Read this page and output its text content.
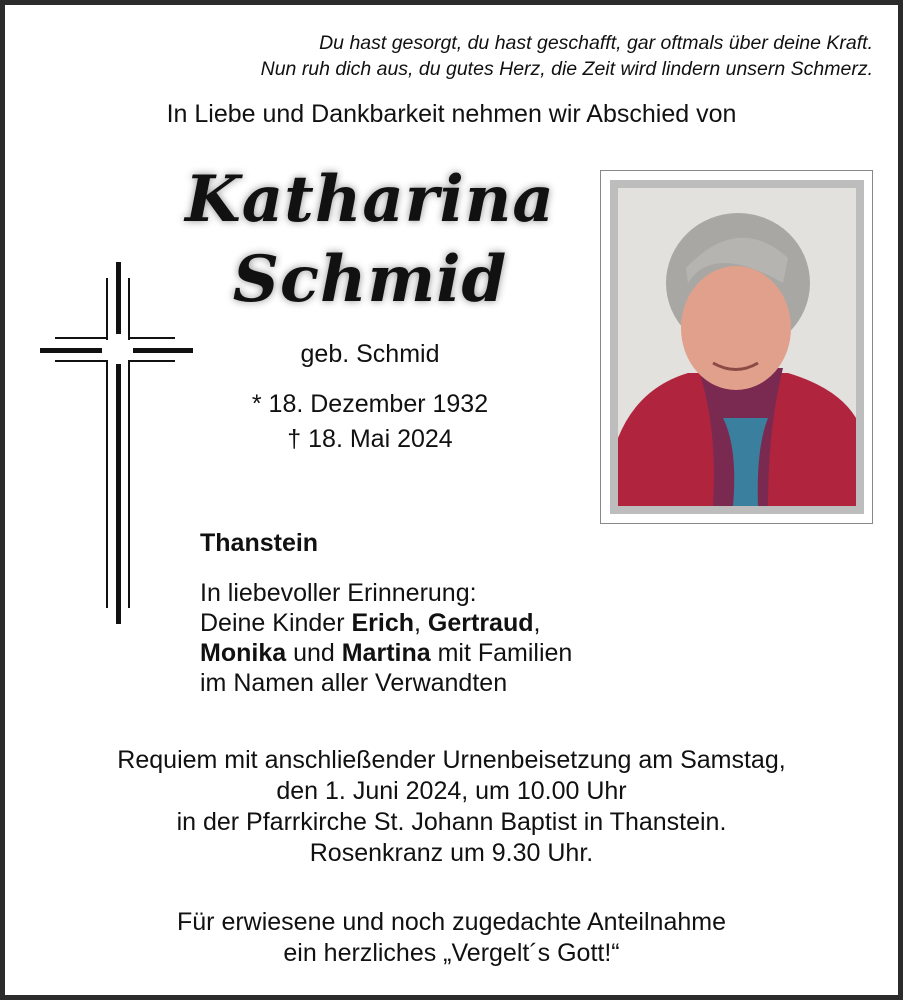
Du hast gesorgt, du hast geschafft, gar oftmals über deine Kraft.
Nun ruh dich aus, du gutes Herz, die Zeit wird lindern unsern Schmerz.
In Liebe und Dankbarkeit nehmen wir Abschied von
Katharina
Schmid
geb. Schmid
* 18. Dezember 1932
† 18. Mai 2024
Thanstein
In liebevoller Erinnerung:
Deine Kinder Erich, Gertraud,
Monika und Martina mit Familien
im Namen aller Verwandten
Requiem mit anschließender Urnenbeisetzung am Samstag,
den 1. Juni 2024, um 10.00 Uhr
in der Pfarrkirche St. Johann Baptist in Thanstein.
Rosenkranz um 9.30 Uhr.
Für erwiesene und noch zugedachte Anteilnahme
ein herzliches „Vergelt´s Gott!“
